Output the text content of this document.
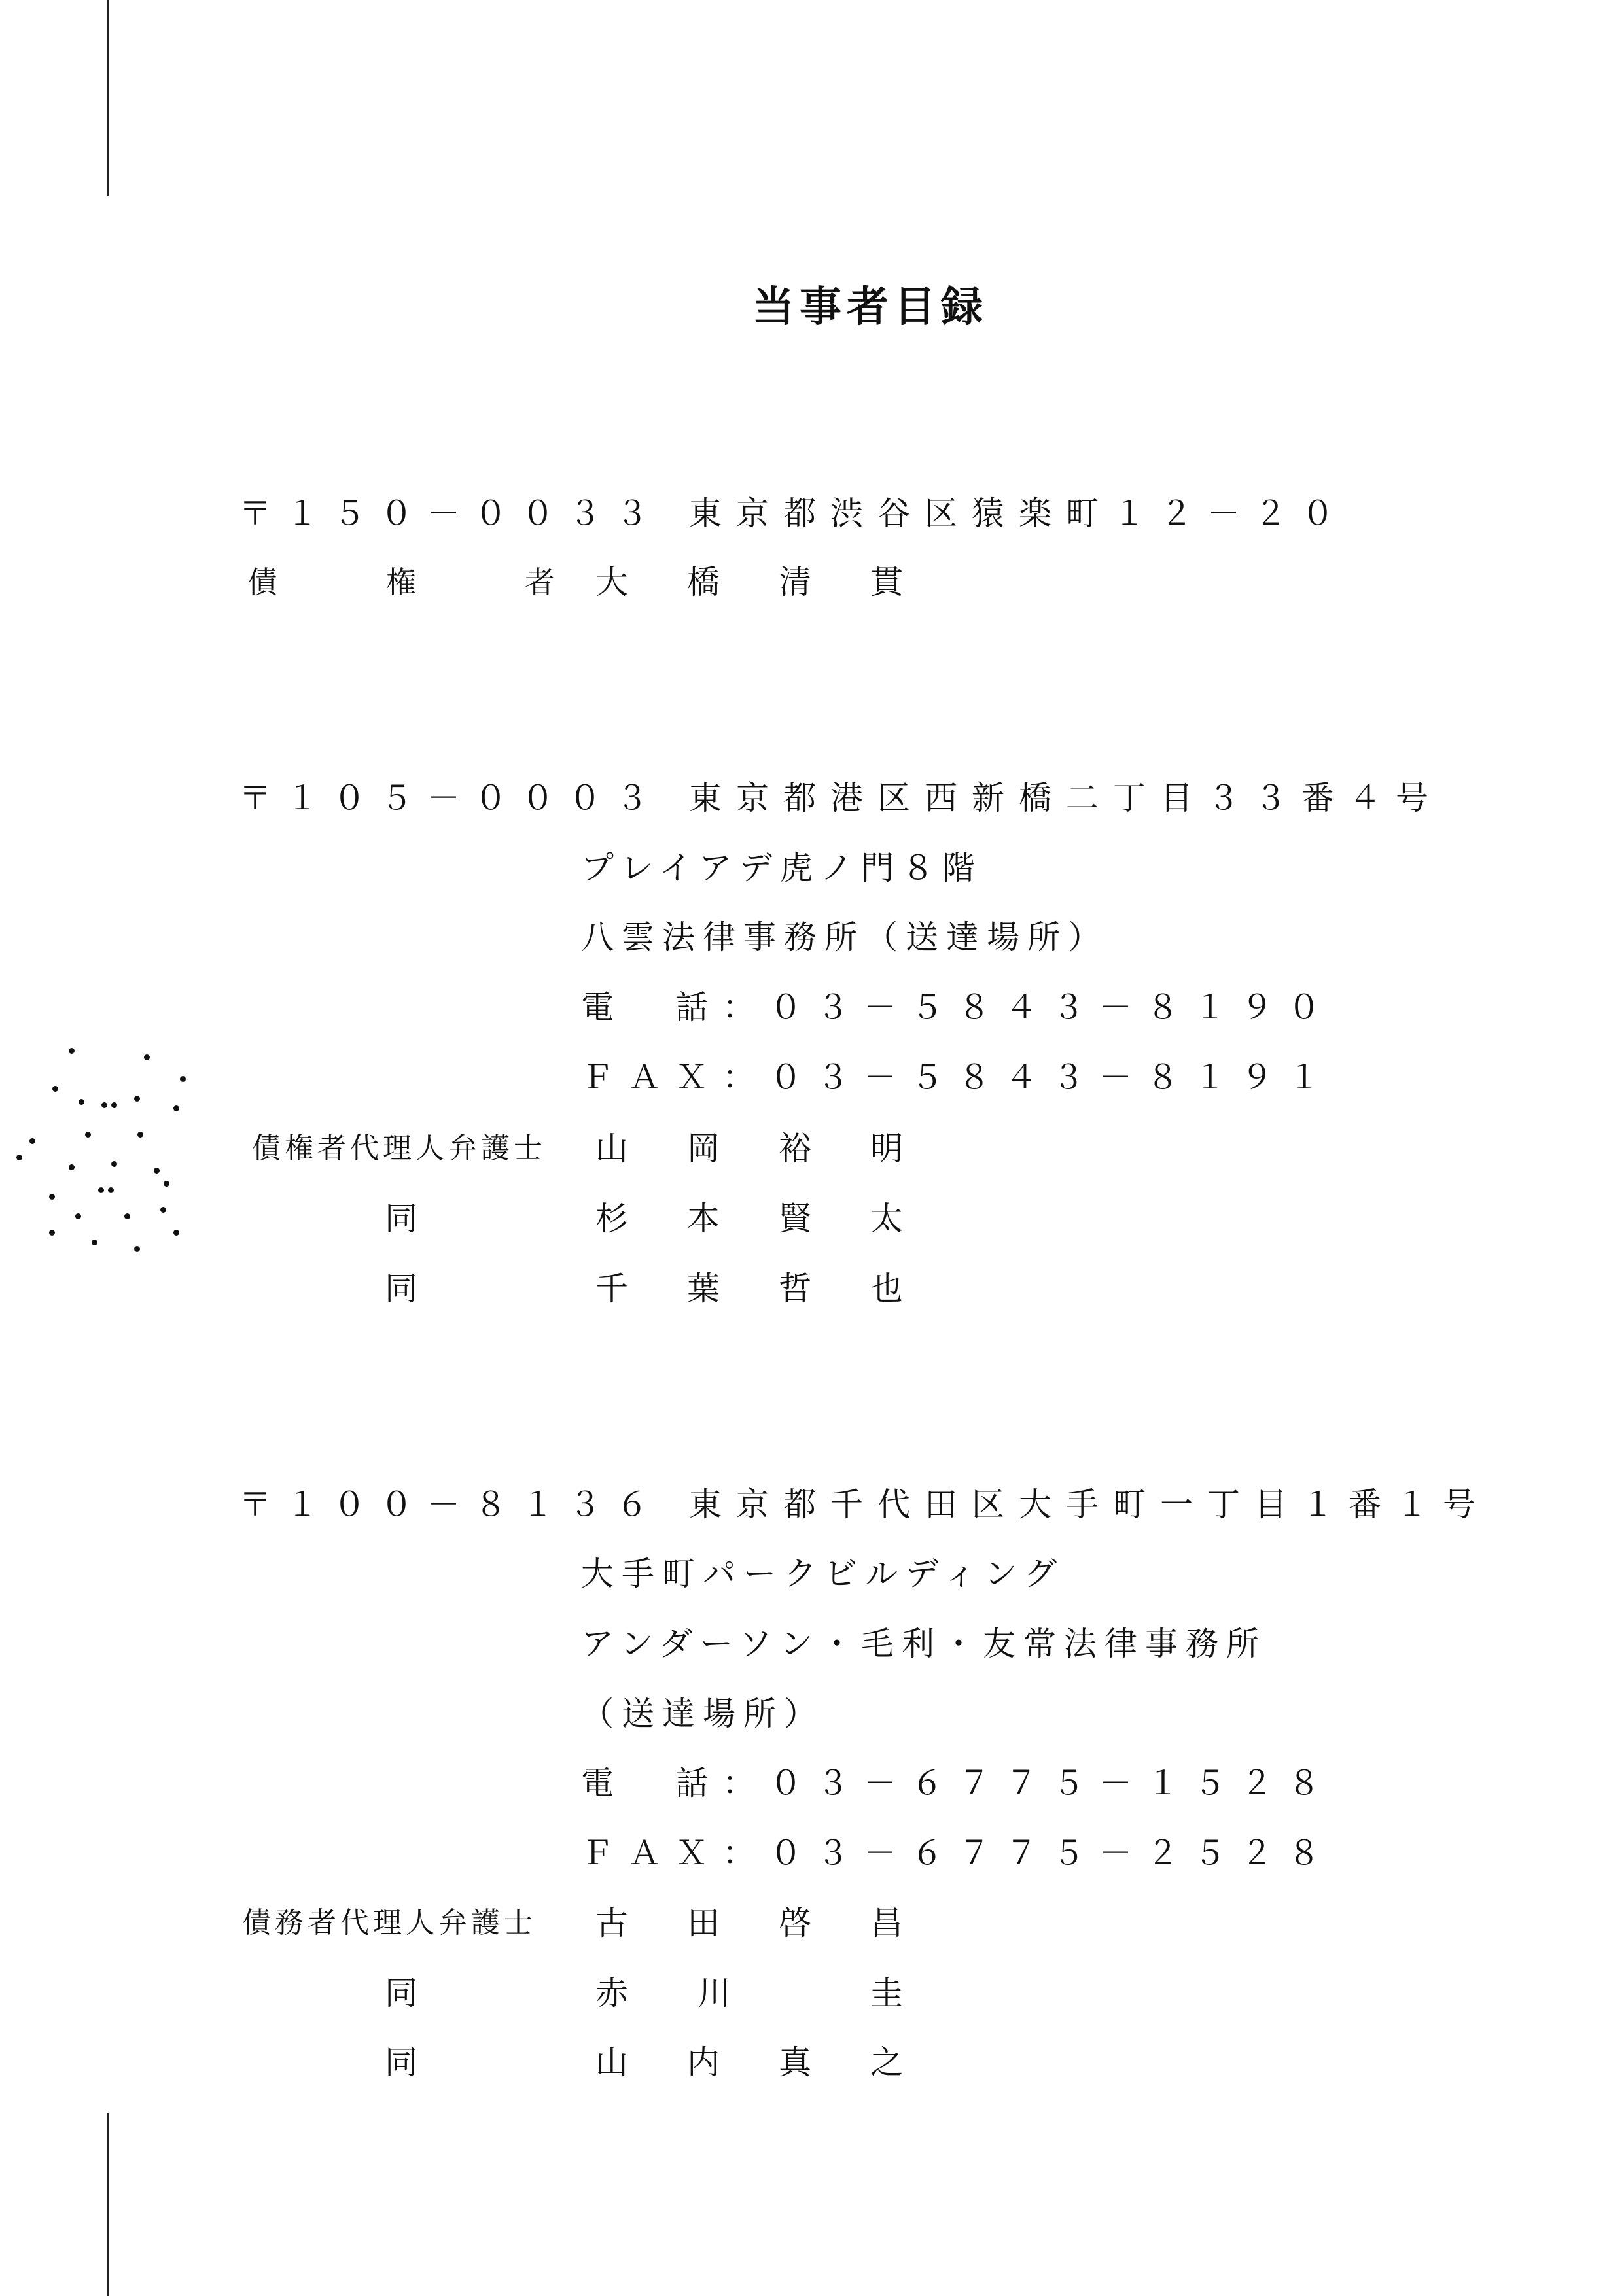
当事者目録
〒１５０－００３３ 東京都渋谷区猿楽町１２－２０
債	権	者 大 橋 清 貫
〒１０５－０００３ 東京都港区西新橋二丁目３３番４号
プレイアデ虎ノ門８階
八雲法律事務所（送達場所）
電　話：０３－５８４３－８１９０
ＦＡＸ：０３－５８４３－８１９１
債権者代理人弁護士 山 岡 裕 明
同	杉 本 賢 太
同	千 葉 哲 也
〒１００－８１３６ 東京都千代田区大手町一丁目１番１号
大手町パークビルディング
アンダーソン・毛利・友常法律事務所
（送達場所）
電　話：０３－６７７５－１５２８
ＦＡＸ：０３－６７７５－２５２８
債務者代理人弁護士 古 田 啓 昌
同	赤 川	圭
同	山 内 真 之
